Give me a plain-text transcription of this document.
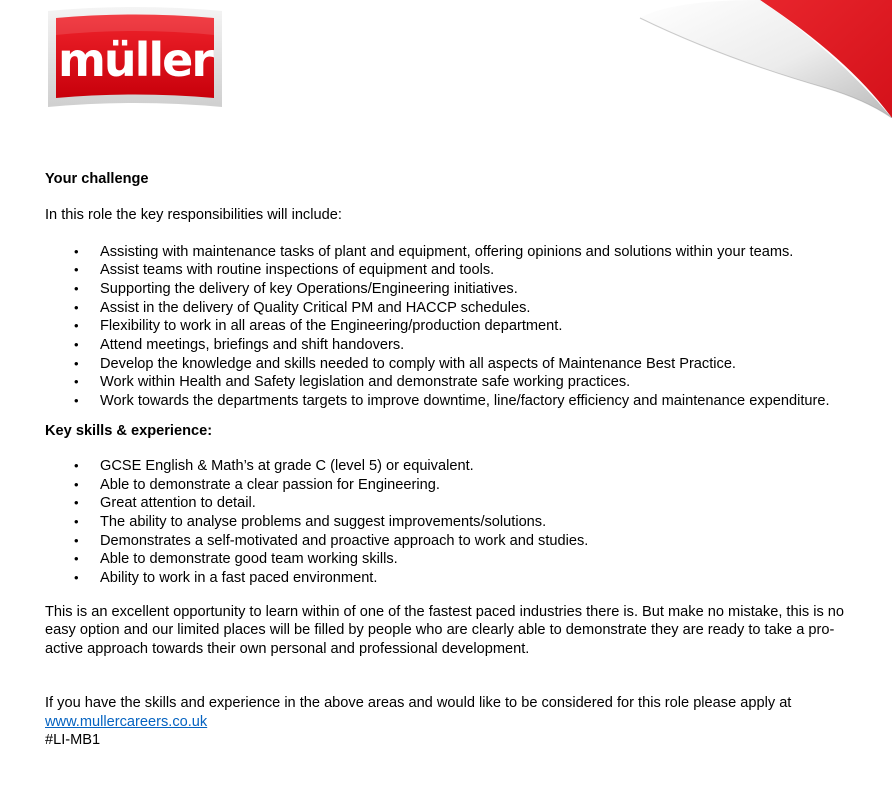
müller

Your challenge

In this role the key responsibilities will include:

• Assisting with maintenance tasks of plant and equipment, offering opinions and solutions within your teams.
• Assist teams with routine inspections of equipment and tools.
• Supporting the delivery of key Operations/Engineering initiatives.
• Assist in the delivery of Quality Critical PM and HACCP schedules.
• Flexibility to work in all areas of the Engineering/production department.
• Attend meetings, briefings and shift handovers.
• Develop the knowledge and skills needed to comply with all aspects of Maintenance Best Practice.
• Work within Health and Safety legislation and demonstrate safe working practices.
• Work towards the departments targets to improve downtime, line/factory efficiency and maintenance expenditure.

Key skills & experience:

• GCSE English & Math’s at grade C (level 5) or equivalent.
• Able to demonstrate a clear passion for Engineering.
• Great attention to detail.
• The ability to analyse problems and suggest improvements/solutions.
• Demonstrates a self-motivated and proactive approach to work and studies.
• Able to demonstrate good team working skills.
• Ability to work in a fast paced environment.

This is an excellent opportunity to learn within of one of the fastest paced industries there is. But make no mistake, this is no easy option and our limited places will be filled by people who are clearly able to demonstrate they are ready to take a pro-active approach towards their own personal and professional development.

If you have the skills and experience in the above areas and would like to be considered for this role please apply at

www.mullercareers.co.uk

#LI-MB1
